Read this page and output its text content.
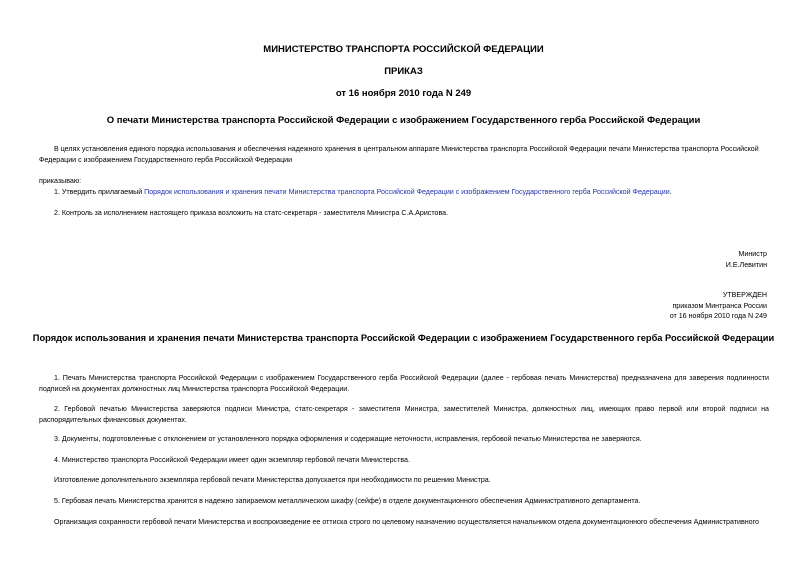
МИНИСТЕРСТВО ТРАНСПОРТА РОССИЙСКОЙ ФЕДЕРАЦИИ
ПРИКАЗ
от 16 ноября 2010 года N 249
О печати Министерства транспорта Российской Федерации с изображением Государственного герба Российской Федерации
В целях установления единого порядка использования и обеспечения надежного хранения в центральном аппарате Министерства транспорта Российской Федерации печати Министерства транспорта Российской Федерации с изображением Государственного герба Российской Федерации
приказываю:
1. Утвердить прилагаемый Порядок использования и хранения печати Министерства транспорта Российской Федерации с изображением Государственного герба Российской Федерации.
2. Контроль за исполнением настоящего приказа возложить на статс-секретаря - заместителя Министра С.А.Аристова.
Министр
И.Е.Левитин
УТВЕРЖДЕН
приказом Минтранса России
от 16 ноября 2010 года N 249
Порядок использования и хранения печати Министерства транспорта Российской Федерации с изображением Государственного герба Российской Федерации
1. Печать Министерства транспорта Российской Федерации с изображением Государственного герба Российской Федерации (далее - гербовая печать Министерства) предназначена для заверения подлинности подписей на документах должностных лиц Министерства транспорта Российской Федерации.
2. Гербовой печатью Министерства заверяются подписи Министра, статс-секретаря - заместителя Министра, заместителей Министра, должностных лиц, имеющих право первой или второй подписи на распорядительных финансовых документах.
3. Документы, подготовленные с отклонением от установленного порядка оформления и содержащие неточности, исправления, гербовой печатью Министерства не заверяются.
4. Министерство транспорта Российской Федерации имеет один экземпляр гербовой печати Министерства.
Изготовление дополнительного экземпляра гербовой печати Министерства допускается при необходимости по решению Министра.
5. Гербовая печать Министерства хранится в надежно запираемом металлическом шкафу (сейфе) в отделе документационного обеспечения Административного департамента.
Организация сохранности гербовой печати Министерства и воспроизведение ее оттиска строго по целевому назначению осуществляется начальником отдела документационного обеспечения Административного
